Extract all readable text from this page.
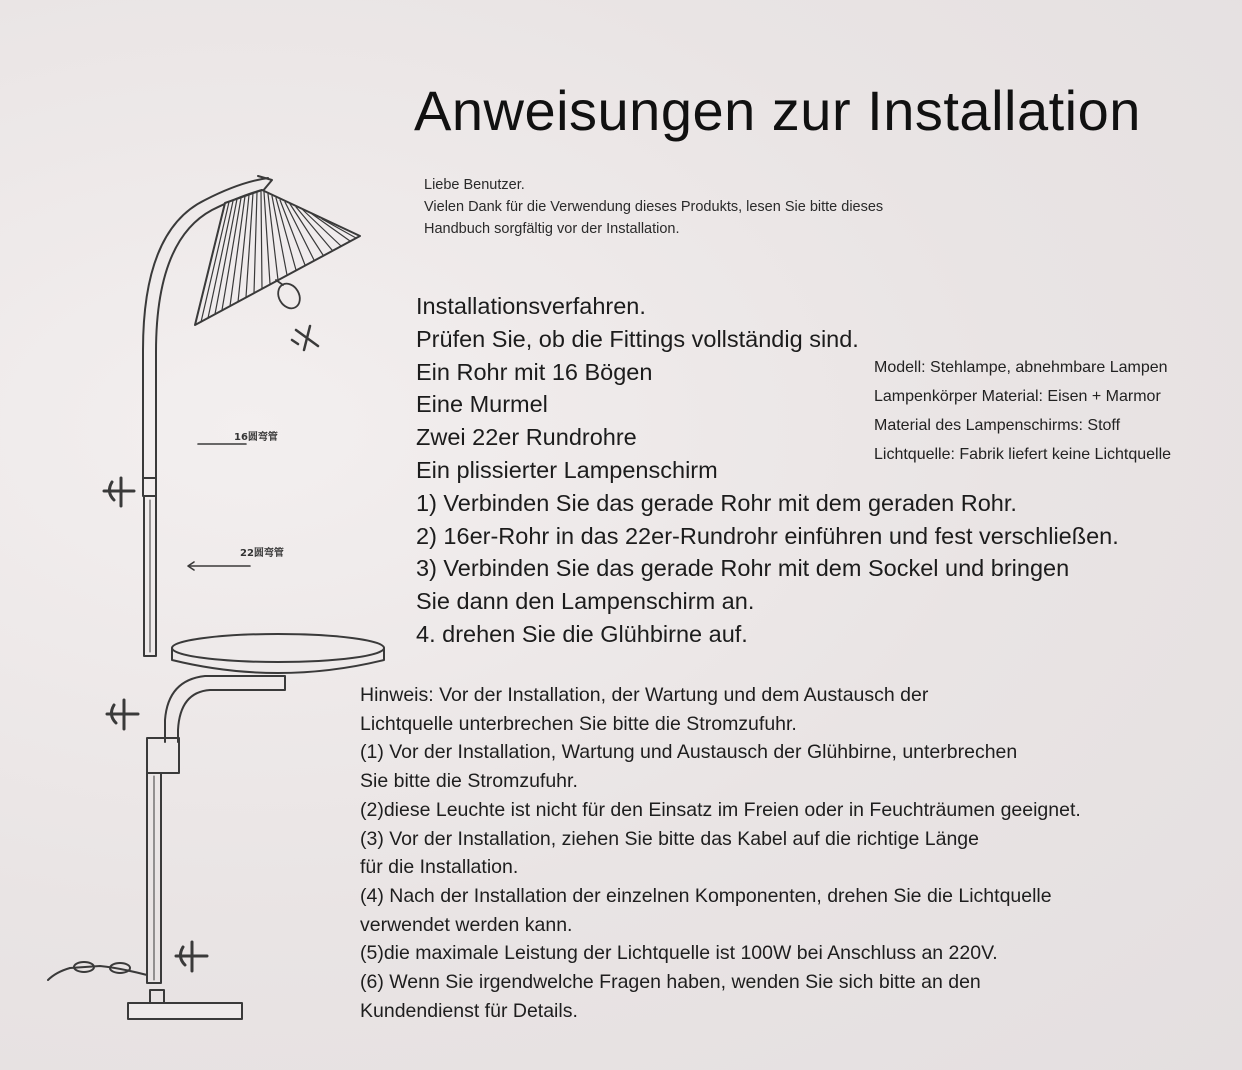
16圆弯管
22圆弯管
Anweisungen zur Installation
Liebe Benutzer.
Vielen Dank für die Verwendung dieses Produkts, lesen Sie bitte dieses
Handbuch sorgfältig vor der Installation.
Installationsverfahren.
Prüfen Sie, ob die Fittings vollständig sind.
Ein Rohr mit 16 Bögen
Eine Murmel
Zwei 22er Rundrohre
Ein plissierter Lampenschirm
1) Verbinden Sie das gerade Rohr mit dem geraden Rohr.
2) 16er-Rohr in das 22er-Rundrohr einführen und fest verschließen.
3) Verbinden Sie das gerade Rohr mit dem Sockel und bringen
Sie dann den Lampenschirm an.
4. drehen Sie die Glühbirne auf.
Modell: Stehlampe, abnehmbare Lampen
Lampenkörper Material: Eisen + Marmor
Material des Lampenschirms: Stoff
Lichtquelle: Fabrik liefert keine Lichtquelle
Hinweis: Vor der Installation, der Wartung und dem Austausch der
Lichtquelle unterbrechen Sie bitte die Stromzufuhr.
(1) Vor der Installation, Wartung und Austausch der Glühbirne, unterbrechen
Sie bitte die Stromzufuhr.
(2)diese Leuchte ist nicht für den Einsatz im Freien oder in Feuchträumen geeignet.
(3) Vor der Installation, ziehen Sie bitte das Kabel auf die richtige Länge
für die Installation.
(4) Nach der Installation der einzelnen Komponenten, drehen Sie die Lichtquelle
verwendet werden kann.
(5)die maximale Leistung der Lichtquelle ist 100W bei Anschluss an 220V.
(6) Wenn Sie irgendwelche Fragen haben, wenden Sie sich bitte an den
Kundendienst für Details.
